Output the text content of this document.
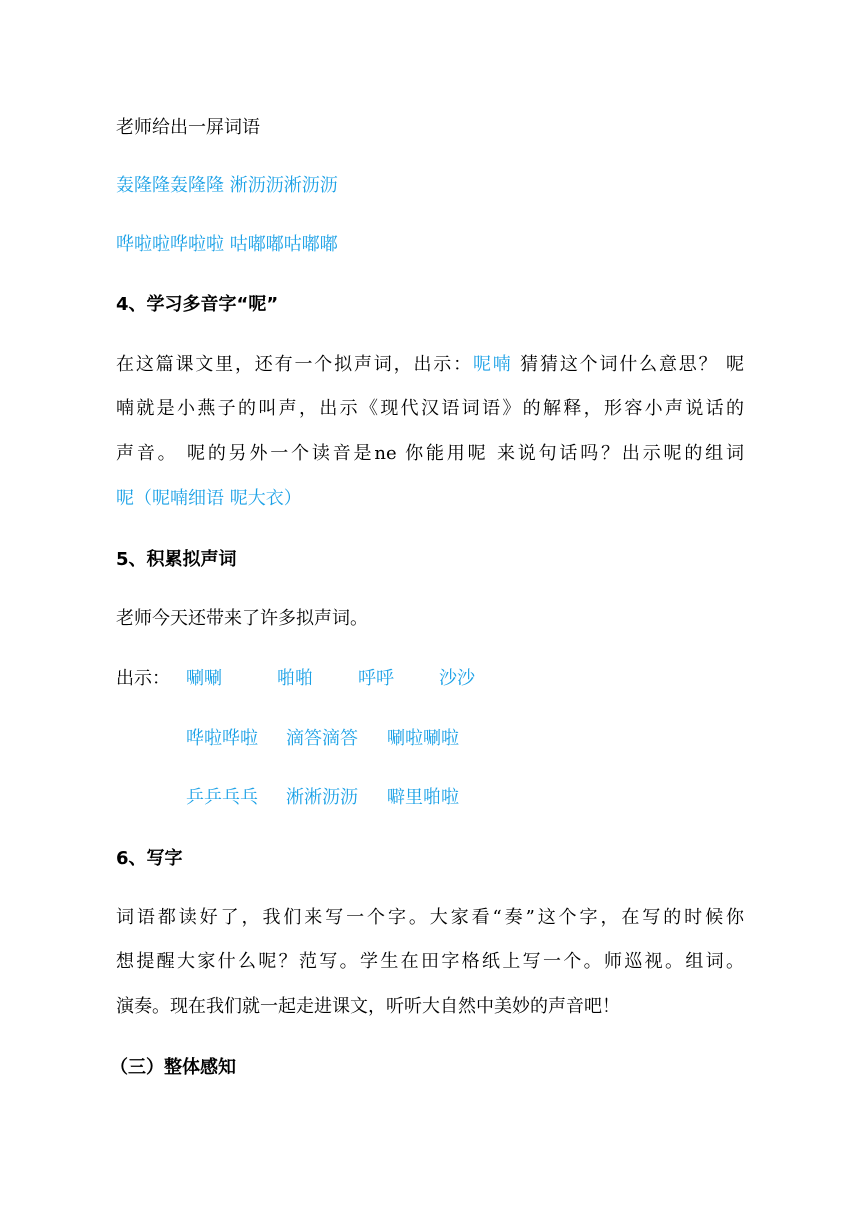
老师给出一屏词语
轰隆隆轰隆隆 淅沥沥淅沥沥
哗啦啦哗啦啦 咕嘟嘟咕嘟嘟
4、学习多音字“呢”
在这篇课文里，还有一个拟声词，出示：呢喃 猜猜这个词什么意思？ 呢
喃就是小燕子的叫声，出示《现代汉语词语》的解释，形容小声说话的
声音。 呢的另外一个读音是ne 你能用呢 来说句话吗？出示呢的组词
呢（呢喃细语 呢大衣）
5、积累拟声词
老师今天还带来了许多拟声词。
出示： 唰唰	啪啪	呼呼	沙沙
哗啦哗啦 滴答滴答 唰啦唰啦
乒乒乓乓 淅淅沥沥 噼里啪啦
6、写字
词语都读好了，我们来写一个字。大家看“奏”这个字，在写的时候你
想提醒大家什么呢？范写。学生在田字格纸上写一个。师巡视。组词。
演奏。现在我们就一起走进课文，听听大自然中美妙的声音吧！
（三）整体感知
